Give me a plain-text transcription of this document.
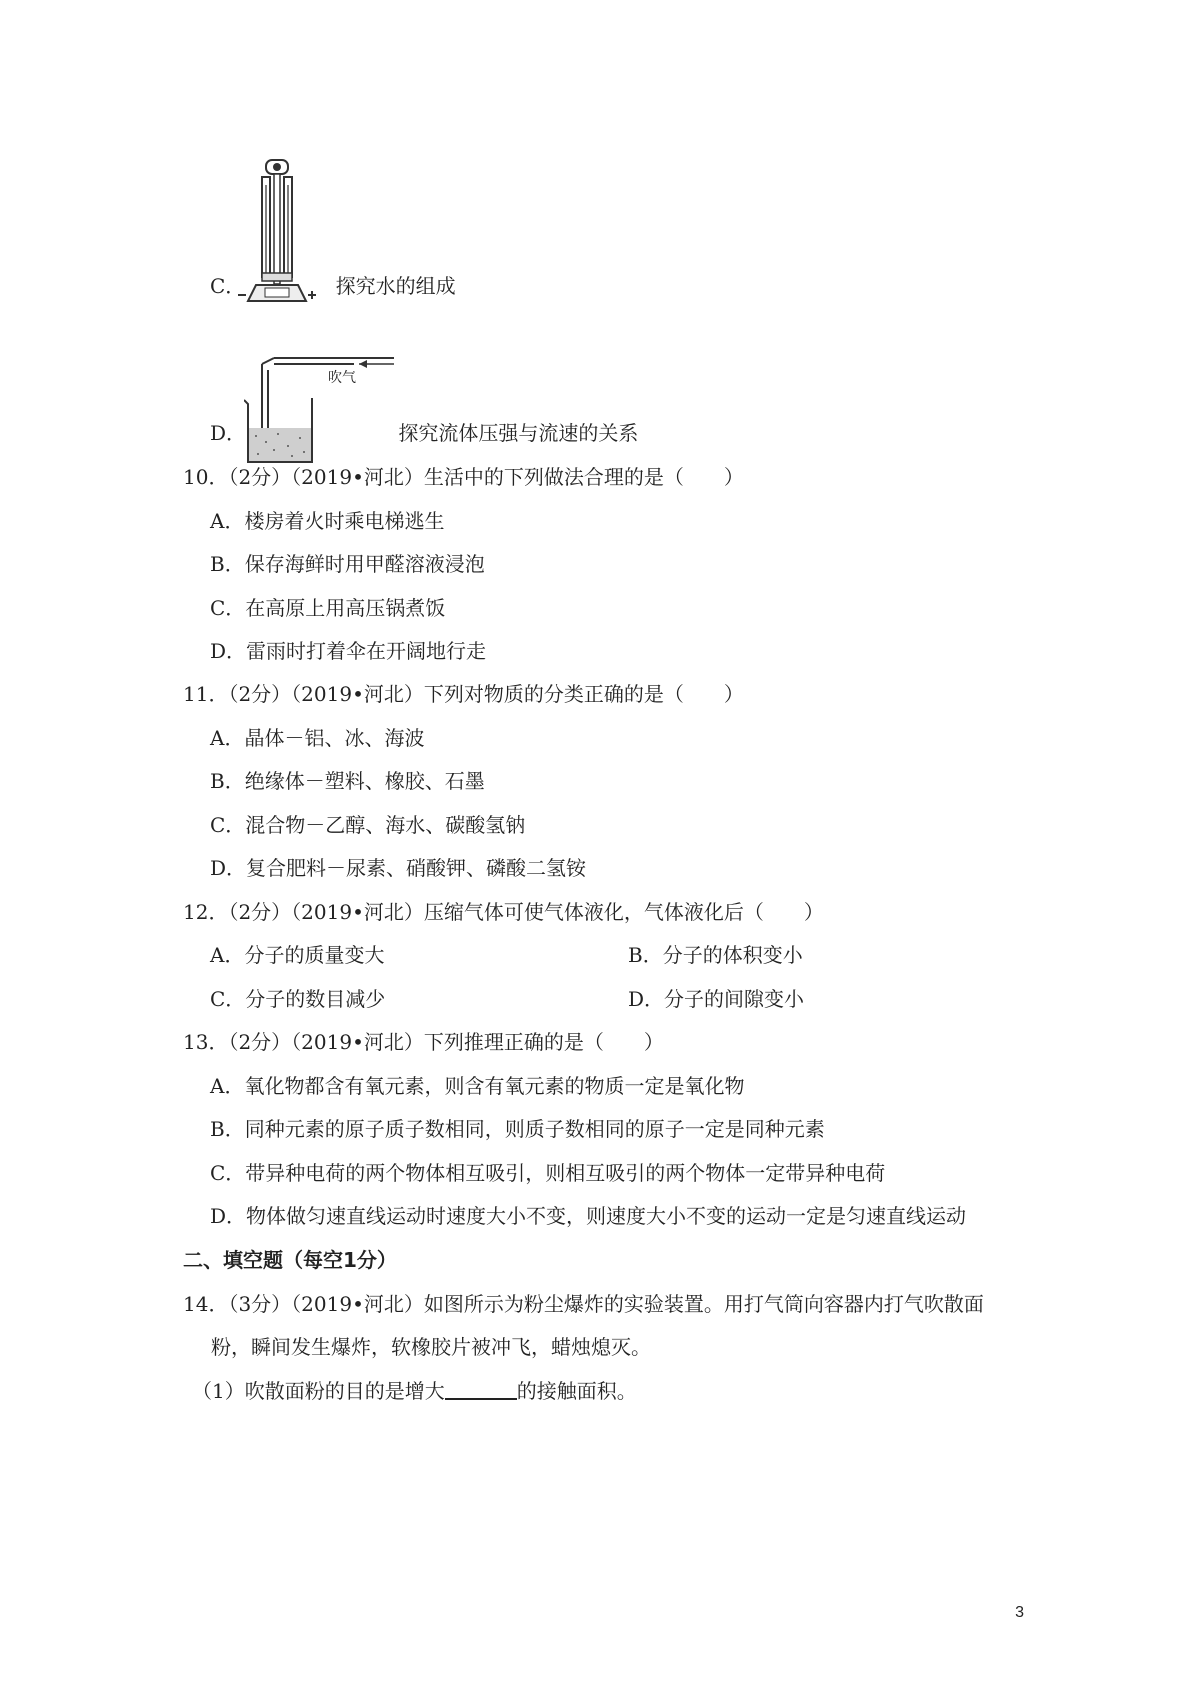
吹气
C．	探究水的组成
D．	探究流体压强与流速的关系
10．（2分）（2019•河北）生活中的下列做法合理的是（　　）
A．楼房着火时乘电梯逃生
B．保存海鲜时用甲醛溶液浸泡
C．在高原上用高压锅煮饭
D．雷雨时打着伞在开阔地行走
11．（2分）（2019•河北）下列对物质的分类正确的是（　　）
A．晶体－铝、冰、海波
B．绝缘体－塑料、橡胶、石墨
C．混合物－乙醇、海水、碳酸氢钠
D．复合肥料－尿素、硝酸钾、磷酸二氢铵
12．（2分）（2019•河北）压缩气体可使气体液化，气体液化后（　　）
A．分子的质量变大	B．分子的体积变小
C．分子的数目减少	D．分子的间隙变小
13．（2分）（2019•河北）下列推理正确的是（　　）
A．氧化物都含有氧元素，则含有氧元素的物质一定是氧化物
B．同种元素的原子质子数相同，则质子数相同的原子一定是同种元素
C．带异种电荷的两个物体相互吸引，则相互吸引的两个物体一定带异种电荷
D．物体做匀速直线运动时速度大小不变，则速度大小不变的运动一定是匀速直线运动
二、填空题（每空1分）
14．（3分）（2019•河北）如图所示为粉尘爆炸的实验装置。用打气筒向容器内打气吹散面
粉，瞬间发生爆炸，软橡胶片被冲飞，蜡烛熄灭。
（1）吹散面粉的目的是增大	的接触面积。
3
